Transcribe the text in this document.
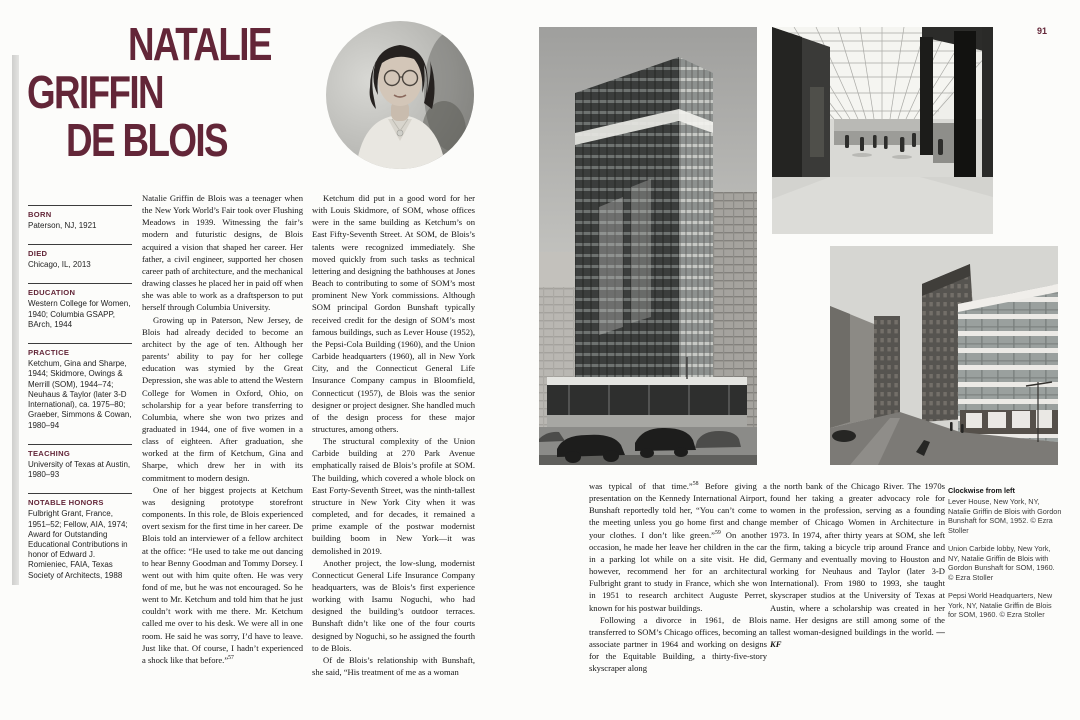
NATALIE
GRIFFIN
DE BLOIS
BORN
Paterson, NJ, 1921
DIED
Chicago, IL, 2013
EDUCATION
Western College for Women, 1940; Columbia GSAPP, BArch, 1944
PRACTICE
Ketchum, Gina and Sharpe, 1944; Skidmore, Owings & Merrill (SOM), 1944–74; Neuhaus & Taylor (later 3-D International), ca. 1975–80; Graeber, Simmons & Cowan, 1980–94
TEACHING
University of Texas at Austin, 1980–93
NOTABLE HONORS
Fulbright Grant, France, 1951–52; Fellow, AIA, 1974; Award for Outstanding Educational Contributions in honor of Edward J. Romieniec, FAIA, Texas Society of Architects, 1988

Natalie Griffin de Blois was a teenager when the New York World’s Fair took over Flushing Meadows in 1939. Witnessing the fair’s modern and futuristic designs, de Blois acquired a vision that shaped her career. Her father, a civil engineer, supported her chosen career path of architecture, and the mechanical drawing classes he placed her in paid off when she was able to work as a draftsperson to put herself through Columbia University.

Growing up in Paterson, New Jersey, de Blois had already decided to become an architect by the age of ten. Although her parents’ ability to pay for her college education was stymied by the Great Depression, she was able to attend the Western College for Women in Oxford, Ohio, on scholarship for a year before transferring to Columbia, where she won two prizes and graduated in 1944, one of five women in a class of eighteen. After graduation, she worked at the firm of Ketchum, Gina and Sharpe, which drew her in with its commitment to modern design.

One of her biggest projects at Ketchum was designing prototype storefront components. In this role, de Blois experienced overt sexism for the first time in her career. De Blois told an interviewer of a fellow architect at the office: “He used to take me out dancing to hear Benny Goodman and Tommy Dorsey. I went out with him quite often. He was very fond of me, but he was not encouraged. So he went to Mr. Ketchum and told him that he just couldn’t work with me there. Mr. Ketchum called me over to his desk. We were all in one room. He said he was sorry, I’d have to leave. Just like that. Of course, I hadn’t experienced a shock like that before.”$^{57}$

Ketchum did put in a good word for her with Louis Skidmore, of SOM, whose offices were in the same building as Ketchum’s on East Fifty-Seventh Street. At SOM, de Blois’s talents were recognized immediately. She moved quickly from such tasks as technical lettering and designing the bathhouses at Jones Beach to contributing to some of SOM’s most prominent New York commissions. Although SOM principal Gordon Bunshaft typically received credit for the design of SOM’s most famous buildings, such as Lever House (1952), the Pepsi-Cola Building (1960), and the Union Carbide headquarters (1960), all in New York City, and the Connecticut General Life Insurance Company campus in Bloomfield, Connecticut (1957), de Blois was the senior designer or project designer. She handled much of the design process for these major structures, among others.

The structural complexity of the Union Carbide building at 270 Park Avenue emphatically raised de Blois’s profile at SOM. The building, which covered a whole block on East Forty-Seventh Street, was the ninth-tallest structure in New York City when it was completed, and for decades, it remained a prime example of the postwar modernist building boom in New York—it was demolished in 2019.

Another project, the low-slung, modernist Connecticut General Life Insurance Company headquarters, was de Blois’s first experience working with Isamu Noguchi, who had designed the building’s outdoor terraces. Bunshaft didn’t like one of the four courts designed by Noguchi, so he assigned the fourth to de Blois.

Of de Blois’s relationship with Bunshaft, she said, “His treatment of me as a woman

91

was typical of that time.”$^{58}$ Before giving a presentation on the Kennedy International Airport, Bunshaft reportedly told her, “You can’t come to the meeting unless you go home first and change your clothes. I don’t like green.”$^{59}$ On another occasion, he made her leave her children in the car in a parking lot while on a site visit. He did, however, recommend her for an architectural Fulbright grant to study in France, which she won in 1951 to research architect Auguste Perret, known for his postwar buildings.

Following a divorce in 1961, de Blois transferred to SOM’s Chicago offices, becoming an associate partner in 1964 and working on designs for the Equitable Building, a thirty-five-story skyscraper along

the north bank of the Chicago River. The 1970s found her taking a greater advocacy role for women in the profession, serving as a founding member of Chicago Women in Architecture in 1973. In 1974, after thirty years at SOM, she left the firm, taking a bicycle trip around France and Germany and eventually moving to Houston and working for Neuhaus and Taylor (later 3-D International). From 1980 to 1993, she taught skyscraper studios at the University of Texas at Austin, where a scholarship was created in her name. Her designs are still among some of the tallest woman-designed buildings in the world. —KF

Clockwise from left
Lever House, New York, NY, Natalie Griffin de Blois with Gordon Bunshaft for SOM, 1952. © Ezra Stoller
Union Carbide lobby, New York, NY, Natalie Griffin de Blois with Gordon Bunshaft for SOM, 1960. © Ezra Stoller
Pepsi World Headquarters, New York, NY, Natalie Griffin de Blois for SOM, 1960. © Ezra Stoller
